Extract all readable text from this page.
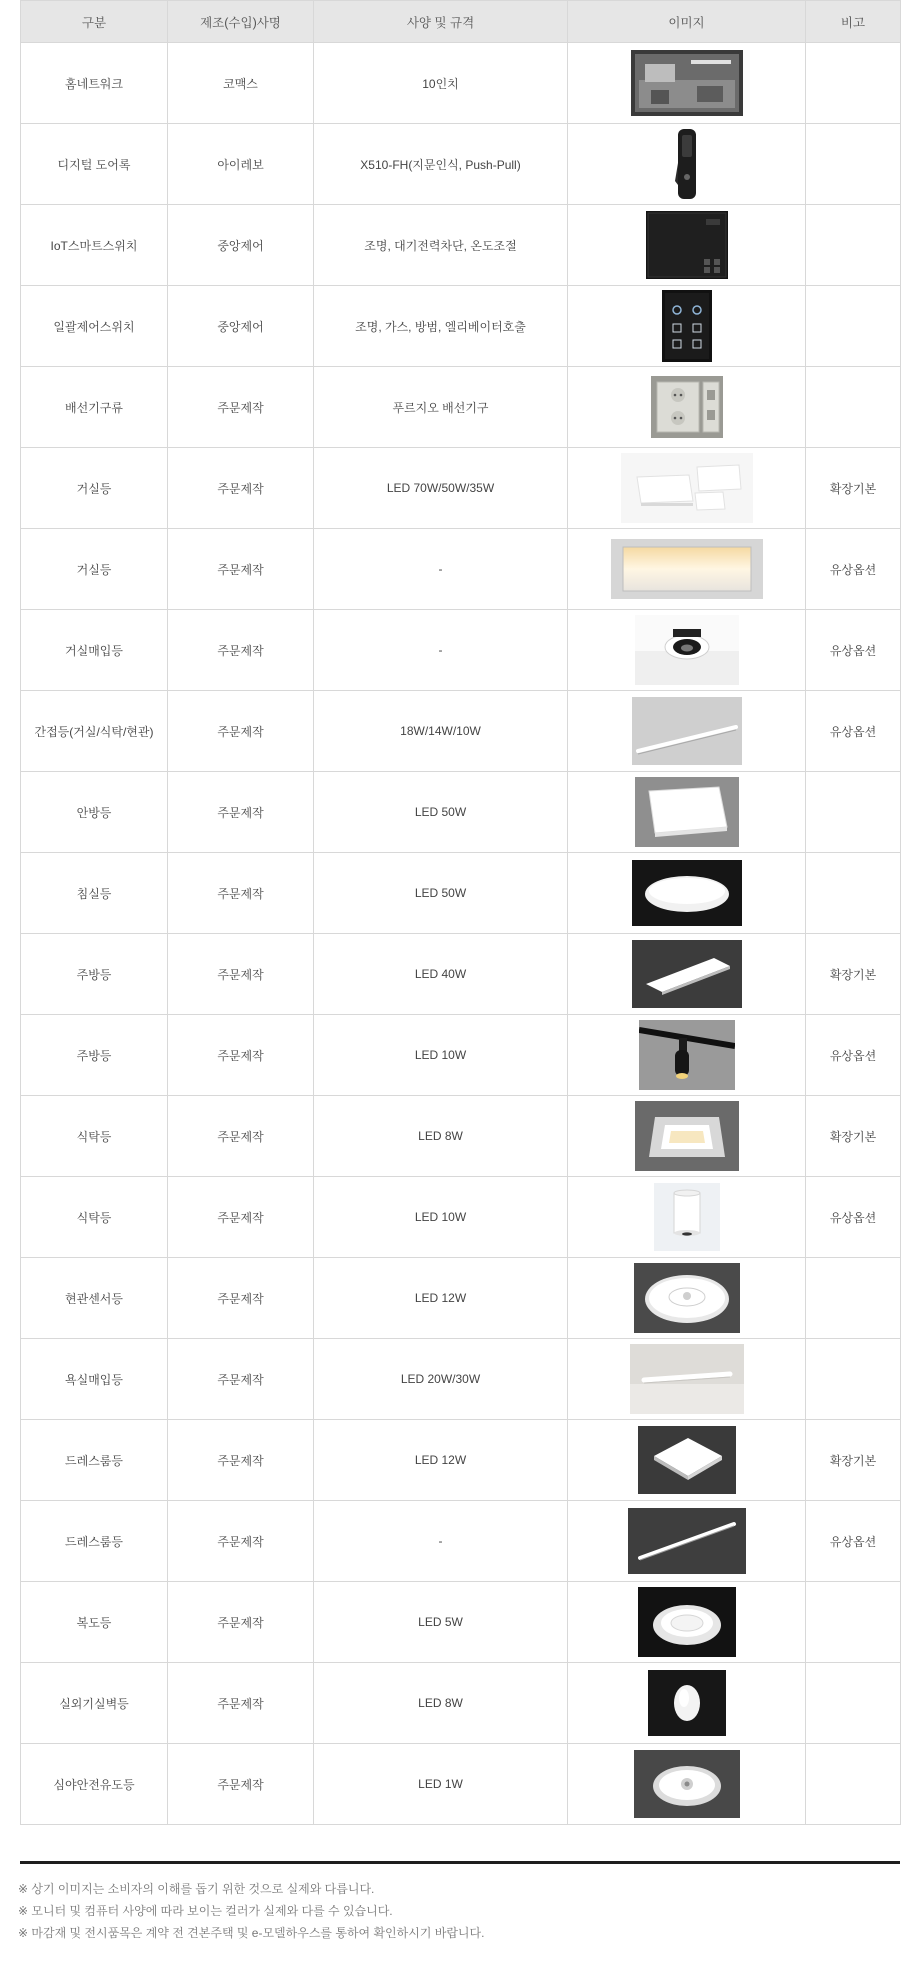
구분	제조(수입)사명	사양 및 규격	이미지	비고
홈네트워크	코맥스	10인치	

디지털 도어록	아이레보	X510-FH(지문인식, Push-Pull)	

IoT스마트스위치	중앙제어	조명, 대기전력차단, 온도조절	

일괄제어스위치	중앙제어	조명, 가스, 방범, 엘리베이터호출	

배선기구류	주문제작	푸르지오 배선기구	

거실등	주문제작	LED 70W/50W/35W		확장기본
거실등	주문제작	-		유상옵션
거실매입등	주문제작	-		유상옵션
간접등(거실/식탁/현관)	주문제작	18W/14W/10W		유상옵션
안방등	주문제작	LED 50W	

침실등	주문제작	LED 50W	

주방등	주문제작	LED 40W		확장기본
주방등	주문제작	LED 10W		유상옵션
식탁등	주문제작	LED 8W		확장기본
식탁등	주문제작	LED 10W		유상옵션
현관센서등	주문제작	LED 12W	

욕실매입등	주문제작	LED 20W/30W	

드레스룸등	주문제작	LED 12W		확장기본
드레스룸등	주문제작	-		유상옵션
복도등	주문제작	LED 5W	

실외기실벽등	주문제작	LED 8W	

심야안전유도등	주문제작	LED 1W	

※ 상기 이미지는 소비자의 이해를 돕기 위한 것으로 실제와 다릅니다.

※ 모니터 및 컴퓨터 사양에 따라 보이는 컬러가 실제와 다를 수 있습니다.

※ 마감재 및 전시품목은 계약 전 견본주택 및 e-모델하우스를 통하여 확인하시기 바랍니다.
